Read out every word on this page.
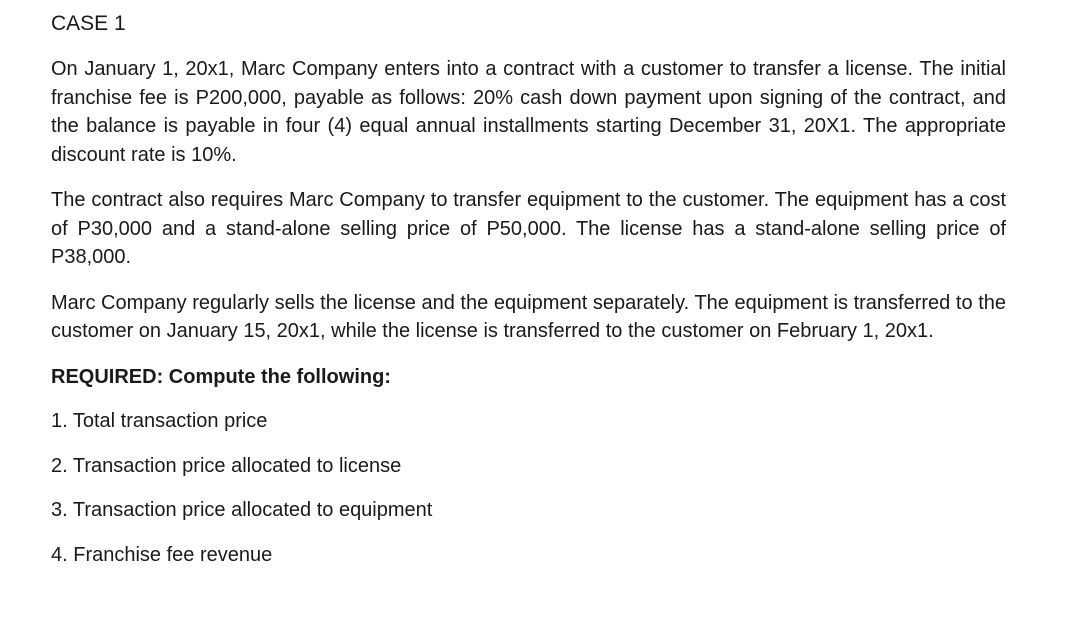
CASE 1

On January 1, 20x1, Marc Company enters into a contract with a customer to transfer a license. The initial franchise fee is P200,000, payable as follows: 20% cash down payment upon signing of the contract, and the balance is payable in four (4) equal annual installments starting December 31, 20X1. The appropriate discount rate is 10%.

The contract also requires Marc Company to transfer equipment to the customer. The equipment has a cost of P30,000 and a stand-alone selling price of P50,000. The license has a stand-alone selling price of P38,000.

Marc Company regularly sells the license and the equipment separately. The equipment is transferred to the customer on January 15, 20x1, while the license is transferred to the customer on February 1, 20x1.

REQUIRED: Compute the following:
1. Total transaction price
2. Transaction price allocated to license
3. Transaction price allocated to equipment
4. Franchise fee revenue
